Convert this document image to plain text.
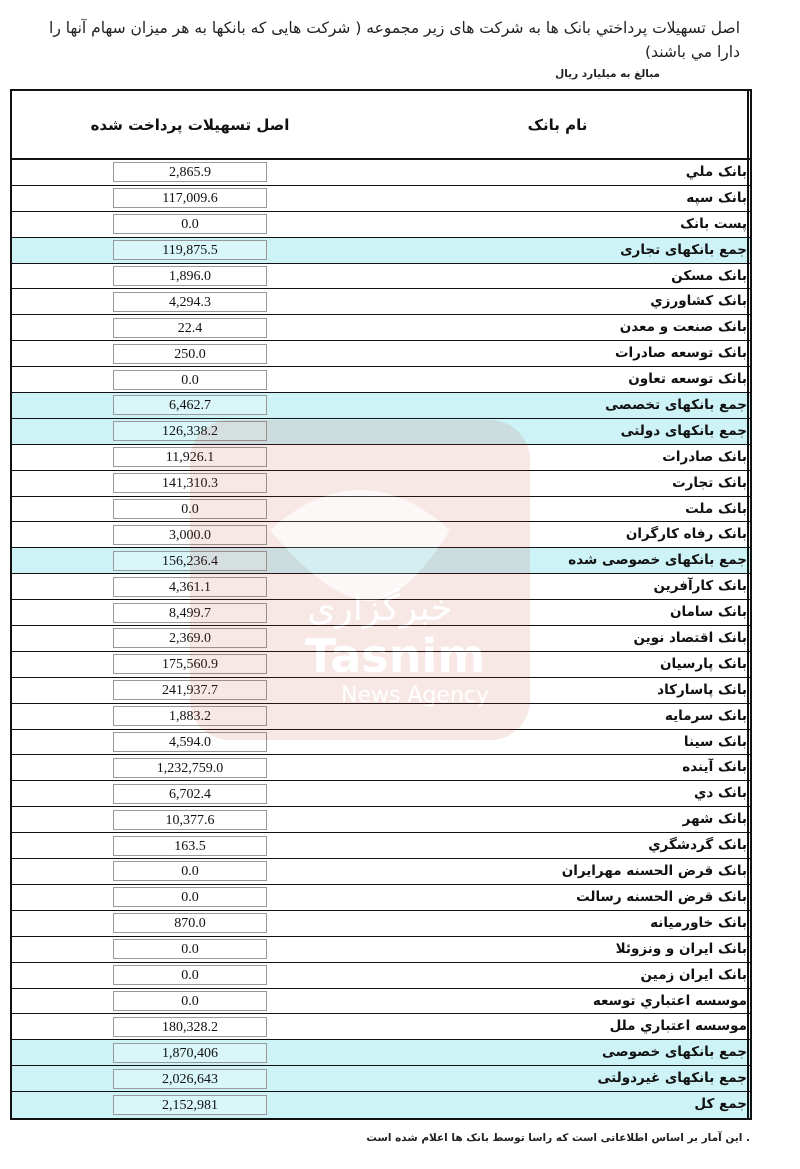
اصل تسهیلات پرداختي بانک ها به شرکت های زیر مجموعه ( شرکت هایی که بانکها به هر میزان سهام آنها را دارا مي باشند)
مبالغ به میلیارد ریال
اصل تسهیلات پرداخت شده	نام بانک
2,865.9	بانک ملي
117,009.6	بانک سپه
0.0	پست بانک
119,875.5	جمع بانکهای تجاری
1,896.0	بانک مسکن
4,294.3	بانک کشاورزي
22.4	بانک صنعت و معدن
250.0	بانک توسعه صادرات
0.0	بانک توسعه تعاون
6,462.7	جمع بانکهای تخصصی
126,338.2	جمع بانکهای دولتی
11,926.1	بانک صادرات
141,310.3	بانک تجارت
0.0	بانک ملت
3,000.0	بانک رفاه کارگران
156,236.4	جمع بانکهای خصوصی شده
4,361.1	بانک کارآفرین
8,499.7	بانک سامان
2,369.0	بانک اقتصاد نوین
175,560.9	بانک پارسیان
241,937.7	بانک پاسارکاد
1,883.2	بانک سرمایه
4,594.0	بانک سینا
1,232,759.0	بانک آینده
6,702.4	بانک دي
10,377.6	بانک شهر
163.5	بانک گردشگري
0.0	بانک قرض الحسنه مهرایران
0.0	بانک قرض الحسنه رسالت
870.0	بانک خاورمیانه
0.0	بانک ایران و ونزوئلا
0.0	بانک ایران زمین
0.0	موسسه اعتباري توسعه
180,328.2	موسسه اعتباري ملل
1,870,406	جمع بانکهای خصوصی
2,026,643	جمع بانکهای غیردولتی
2,152,981	جمع کل
خبرگزاری
Tasnim
News Agency
. این آمار بر اساس اطلاعاتی است که راسا توسط بانک ها اعلام شده است
